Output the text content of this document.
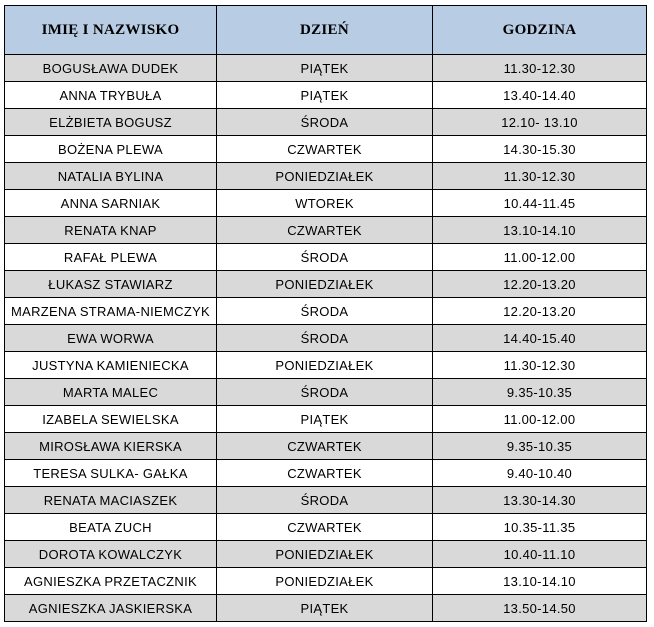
IMIĘ I NAZWISKO	DZIEŃ	GODZINA
BOGUSŁAWA DUDEK	PIĄTEK	11.30-12.30
ANNA TRYBUŁA	PIĄTEK	13.40-14.40
ELŻBIETA BOGUSZ	ŚRODA	12.10- 13.10
BOŻENA PLEWA	CZWARTEK	14.30-15.30
NATALIA BYLINA	PONIEDZIAŁEK	11.30-12.30
ANNA SARNIAK	WTOREK	10.44-11.45
RENATA KNAP	CZWARTEK	13.10-14.10
RAFAŁ PLEWA	ŚRODA	11.00-12.00
ŁUKASZ STAWIARZ	PONIEDZIAŁEK	12.20-13.20
MARZENA STRAMA-NIEMCZYK	ŚRODA	12.20-13.20
EWA WORWA	ŚRODA	14.40-15.40
JUSTYNA KAMIENIECKA	PONIEDZIAŁEK	11.30-12.30
MARTA MALEC	ŚRODA	9.35-10.35
IZABELA SEWIELSKA	PIĄTEK	11.00-12.00
MIROSŁAWA KIERSKA	CZWARTEK	9.35-10.35
TERESA SULKA- GAŁKA	CZWARTEK	9.40-10.40
RENATA MACIASZEK	ŚRODA	13.30-14.30
BEATA ZUCH	CZWARTEK	10.35-11.35
DOROTA KOWALCZYK	PONIEDZIAŁEK	10.40-11.10
AGNIESZKA PRZETACZNIK	PONIEDZIAŁEK	13.10-14.10
AGNIESZKA JASKIERSKA	PIĄTEK	13.50-14.50
